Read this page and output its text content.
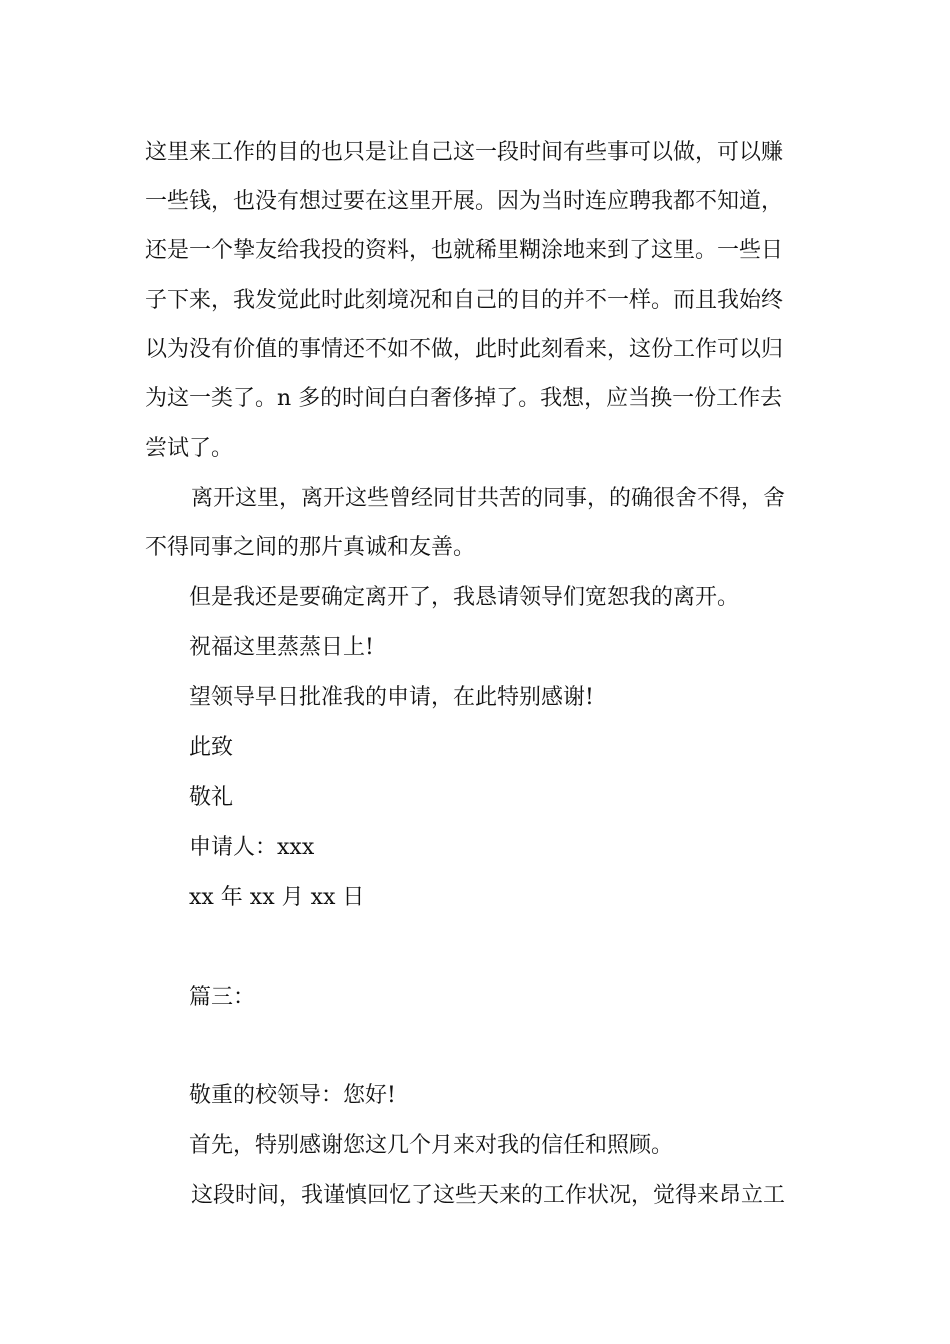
这里来工作的目的也只是让自己这一段时间有些事可以做，可以赚
一些钱，也没有想过要在这里开展。因为当时连应聘我都不知道，
还是一个挚友给我投的资料，也就稀里糊涂地来到了这里。一些日
子下来，我发觉此时此刻境况和自己的目的并不一样。而且我始终
以为没有价值的事情还不如不做，此时此刻看来，这份工作可以归
为这一类了。n 多的时间白白奢侈掉了。我想，应当换一份工作去
尝试了。
离开这里，离开这些曾经同甘共苦的同事，的确很舍不得，舍
不得同事之间的那片真诚和友善。
但是我还是要确定离开了，我恳请领导们宽恕我的离开。
祝福这里蒸蒸日上!
望领导早日批准我的申请，在此特别感谢!
此致
敬礼
申请人：xxx
xx 年 xx 月 xx 日
篇三：
敬重的校领导：您好!
首先，特别感谢您这几个月来对我的信任和照顾。
这段时间，我谨慎回忆了这些天来的工作状况，觉得来昂立工
